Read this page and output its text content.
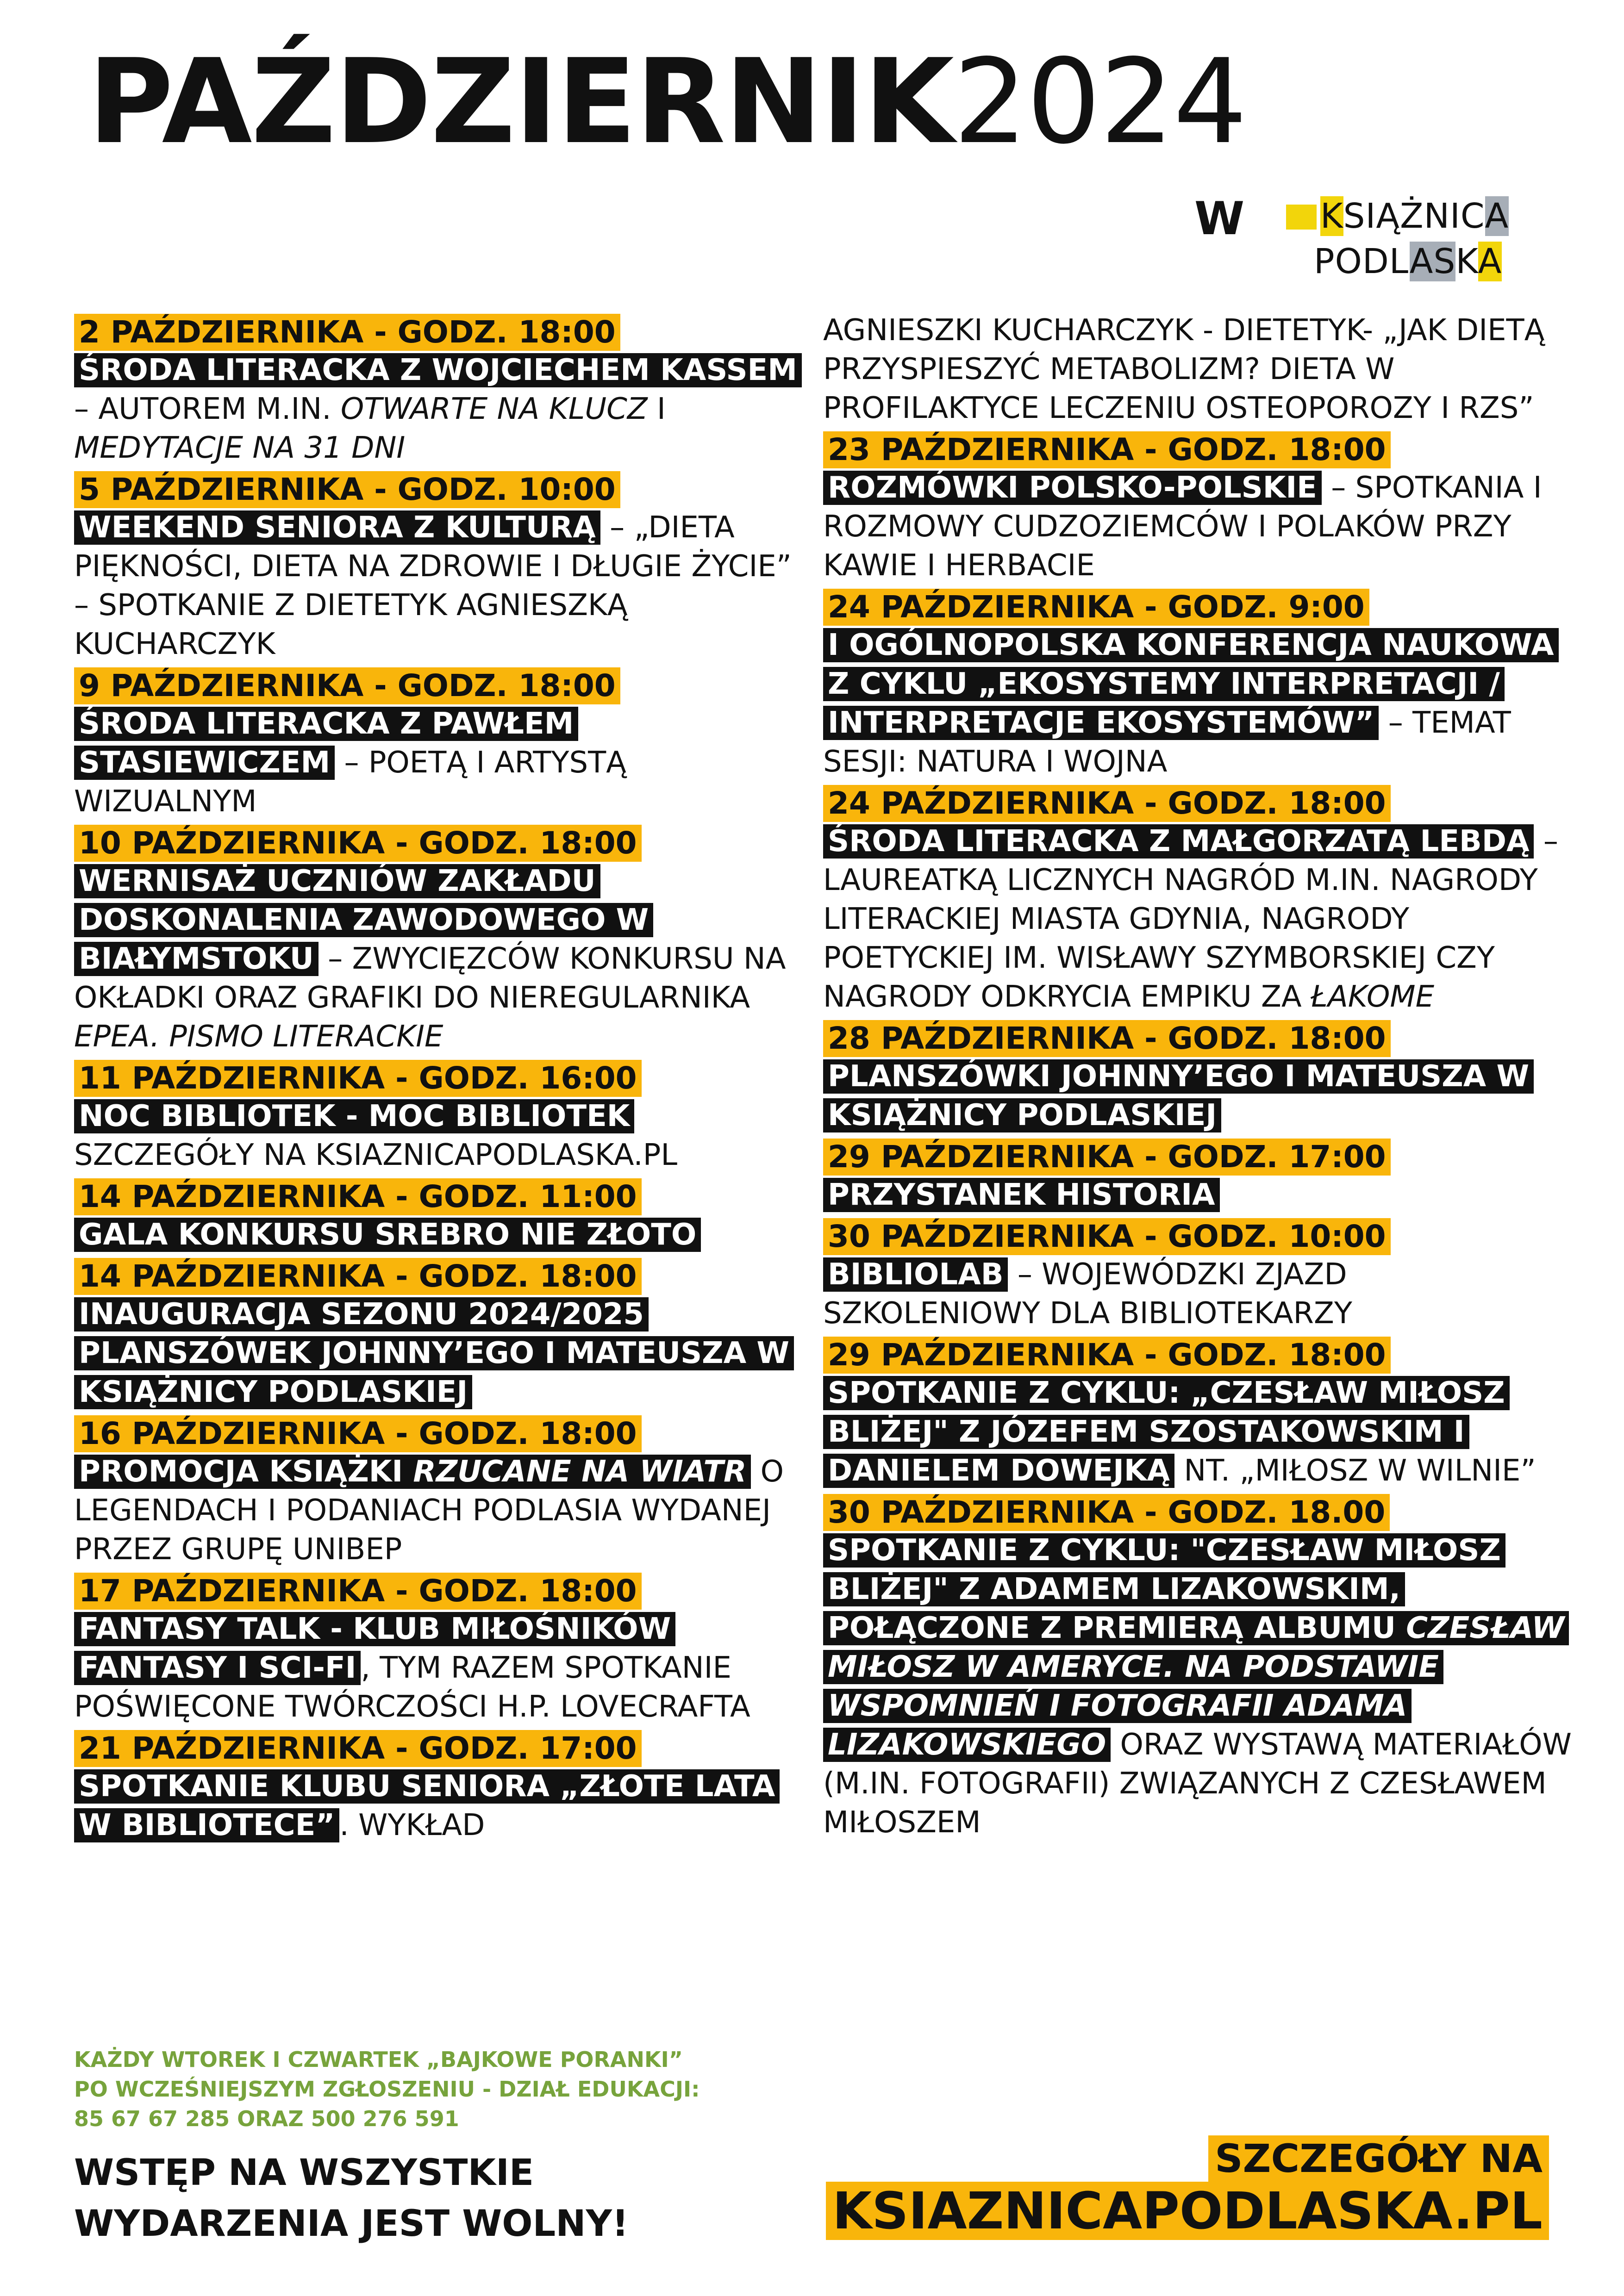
PAŹDZIERNIK2024
W	KSIĄŻNICA
PODLASKA
2 PAŹDZIERNIKA - GODZ. 18:00
ŚRODA LITERACKA Z WOJCIECHEM KASSEM – AUTOREM M.IN. OTWARTE NA KLUCZ I MEDYTACJE NA 31 DNI
5 PAŹDZIERNIKA - GODZ. 10:00
WEEKEND SENIORA Z KULTURĄ – „DIETA PIĘKNOŚCI, DIETA NA ZDROWIE I DŁUGIE ŻYCIE” – SPOTKANIE Z DIETETYK AGNIESZKĄ KUCHARCZYK
9 PAŹDZIERNIKA - GODZ. 18:00
ŚRODA LITERACKA Z PAWŁEM STASIEWICZEM – POETĄ I ARTYSTĄ WIZUALNYM
10 PAŹDZIERNIKA - GODZ. 18:00
WERNISAŻ UCZNIÓW ZAKŁADU DOSKONALENIA ZAWODOWEGO W BIAŁYMSTOKU – ZWYCIĘZCÓW KONKURSU NA OKŁADKI ORAZ GRAFIKI DO NIEREGULARNIKA EPEA. PISMO LITERACKIE
11 PAŹDZIERNIKA - GODZ. 16:00
NOC BIBLIOTEK - MOC BIBLIOTEK SZCZEGÓŁY NA KSIAZNICAPODLASKA.PL
14 PAŹDZIERNIKA - GODZ. 11:00
GALA KONKURSU SREBRO NIE ZŁOTO
14 PAŹDZIERNIKA - GODZ. 18:00
INAUGURACJA SEZONU 2024/2025 PLANSZÓWEK JOHNNY’EGO I MATEUSZA W KSIĄŻNICY PODLASKIEJ
16 PAŹDZIERNIKA - GODZ. 18:00
PROMOCJA KSIĄŻKI RZUCANE NA WIATR O LEGENDACH I PODANIACH PODLASIA WYDANEJ PRZEZ GRUPĘ UNIBEP
17 PAŹDZIERNIKA - GODZ. 18:00
FANTASY TALK - KLUB MIŁOŚNIKÓW FANTASY I SCI-FI , TYM RAZEM SPOTKANIE POŚWIĘCONE TWÓRCZOŚCI H.P. LOVECRAFTA
21 PAŹDZIERNIKA - GODZ. 17:00
SPOTKANIE KLUBU SENIORA „ZŁOTE LATA W BIBLIOTECE” . WYKŁAD
AGNIESZKI KUCHARCZYK - DIETETYK- „JAK DIETĄ PRZYSPIESZYĆ METABOLIZM? DIETA W PROFILAKTYCE LECZENIU OSTEOPOROZY I RZS”
23 PAŹDZIERNIKA - GODZ. 18:00
ROZMÓWKI POLSKO-POLSKIE – SPOTKANIA I ROZMOWY CUDZOZIEMCÓW I POLAKÓW PRZY KAWIE I HERBACIE
24 PAŹDZIERNIKA - GODZ. 9:00
I OGÓLNOPOLSKA KONFERENCJA NAUKOWA Z CYKLU „EKOSYSTEMY INTERPRETACJI / INTERPRETACJE EKOSYSTEMÓW” – TEMAT SESJI: NATURA I WOJNA
24 PAŹDZIERNIKA - GODZ. 18:00
ŚRODA LITERACKA Z MAŁGORZATĄ LEBDĄ – LAUREATKĄ LICZNYCH NAGRÓD M.IN. NAGRODY LITERACKIEJ MIASTA GDYNIA, NAGRODY POETYCKIEJ IM. WISŁAWY SZYMBORSKIEJ CZY NAGRODY ODKRYCIA EMPIKU ZA ŁAKOME
28 PAŹDZIERNIKA - GODZ. 18:00
PLANSZÓWKI JOHNNY’EGO I MATEUSZA W KSIĄŻNICY PODLASKIEJ
29 PAŹDZIERNIKA - GODZ. 17:00
PRZYSTANEK HISTORIA
30 PAŹDZIERNIKA - GODZ. 10:00
BIBLIOLAB – WOJEWÓDZKI ZJAZD SZKOLENIOWY DLA BIBLIOTEKARZY
29 PAŹDZIERNIKA - GODZ. 18:00
SPOTKANIE Z CYKLU: „CZESŁAW MIŁOSZ BLIŻEJ" Z JÓZEFEM SZOSTAKOWSKIM I DANIELEM DOWEJKĄ NT. „MIŁOSZ W WILNIE”
30 PAŹDZIERNIKA - GODZ. 18.00
SPOTKANIE Z CYKLU: "CZESŁAW MIŁOSZ BLIŻEJ" Z ADAMEM LIZAKOWSKIM, POŁĄCZONE Z PREMIERĄ ALBUMU CZESŁAW MIŁOSZ W AMERYCE. NA PODSTAWIE WSPOMNIEŃ I FOTOGRAFII ADAMA LIZAKOWSKIEGO ORAZ WYSTAWĄ MATERIAŁÓW (M.IN. FOTOGRAFII) ZWIĄZANYCH Z CZESŁAWEM MIŁOSZEM
KAŻDY WTOREK I CZWARTEK „BAJKOWE PORANKI”
PO WCZEŚNIEJSZYM ZGŁOSZENIU - DZIAŁ EDUKACJI:
85 67 67 285 ORAZ 500 276 591
WSTĘP NA WSZYSTKIE
WYDARZENIA JEST WOLNY!
SZCZEGÓŁY NA
KSIAZNICAPODLASKA.PL
